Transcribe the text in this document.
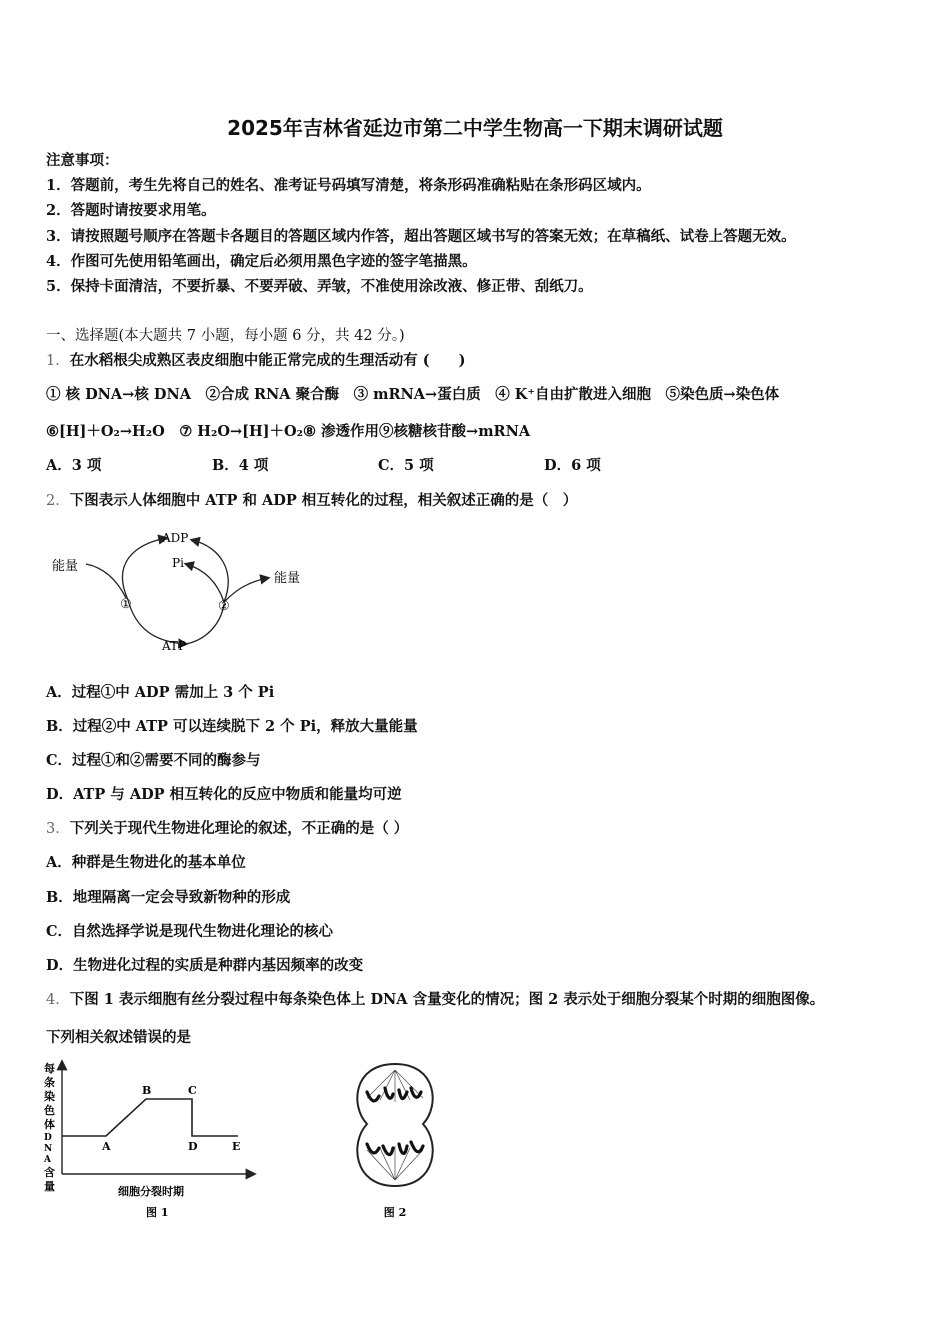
2025年吉林省延边市第二中学生物高一下期末调研试题
注意事项：
1．答题前，考生先将自己的姓名、准考证号码填写清楚，将条形码准确粘贴在条形码区域内。
2．答题时请按要求用笔。
3．请按照题号顺序在答题卡各题目的答题区域内作答，超出答题区域书写的答案无效；在草稿纸、试卷上答题无效。
4．作图可先使用铅笔画出，确定后必须用黑色字迹的签字笔描黑。
5．保持卡面清洁，不要折暴、不要弄破、弄皱，不准使用涂改液、修正带、刮纸刀。
一、选择题(本大题共 7 小题，每小题 6 分，共 42 分。)
1．在水稻根尖成熟区表皮细胞中能正常完成的生理活动有 (　　)
① 核 DNA→核 DNA　②合成 RNA 聚合酶　③ mRNA→蛋白质　④ K⁺自由扩散进入细胞　⑤染色质→染色体
⑥[H]＋O₂→H₂O　⑦ H₂O→[H]＋O₂⑧ 渗透作用⑨核糖核苷酸→mRNA
A．3 项	B．4 项	C．5 项	D．6 项
2．下图表示人体细胞中 ATP 和 ADP 相互转化的过程，相关叙述正确的是（　）
ADP
Pi
ATP
能量
能量
①	②
A．过程①中 ADP 需加上 3 个 Pi
B．过程②中 ATP 可以连续脱下 2 个 Pi，释放大量能量
C．过程①和②需要不同的酶参与
D．ATP 与 ADP 相互转化的反应中物质和能量均可逆
3．下列关于现代生物进化理论的叙述，不正确的是（ ）
A．种群是生物进化的基本单位
B．地理隔离一定会导致新物种的形成
C．自然选择学说是现代生物进化理论的核心
D．生物进化过程的实质是种群内基因频率的改变
4．下图 1 表示细胞有丝分裂过程中每条染色体上 DNA 含量变化的情况；图 2 表示处于细胞分裂某个时期的细胞图像。
下列相关叙述错误的是
每
条
染
色
体
D
N
A
含
量
A
B	C
D	E
细胞分裂时期
图 1	图 2
